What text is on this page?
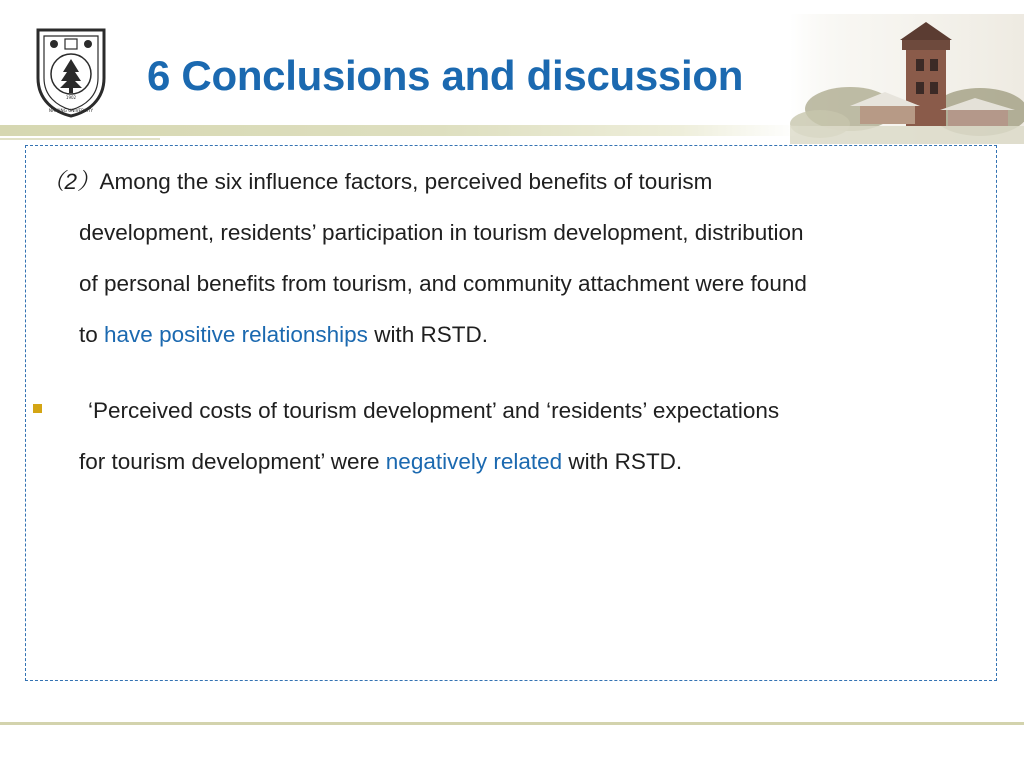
1902
NANJING UNIVERSITY
6 Conclusions and discussion
（2）Among the six influence factors, perceived benefits of tourism
development, residents’ participation in tourism development, distribution
of personal benefits from tourism, and community attachment were found
to have positive relationships with RSTD.
‘Perceived costs of tourism development’ and ‘residents’ expectations
for tourism development’ were negatively related with RSTD.
